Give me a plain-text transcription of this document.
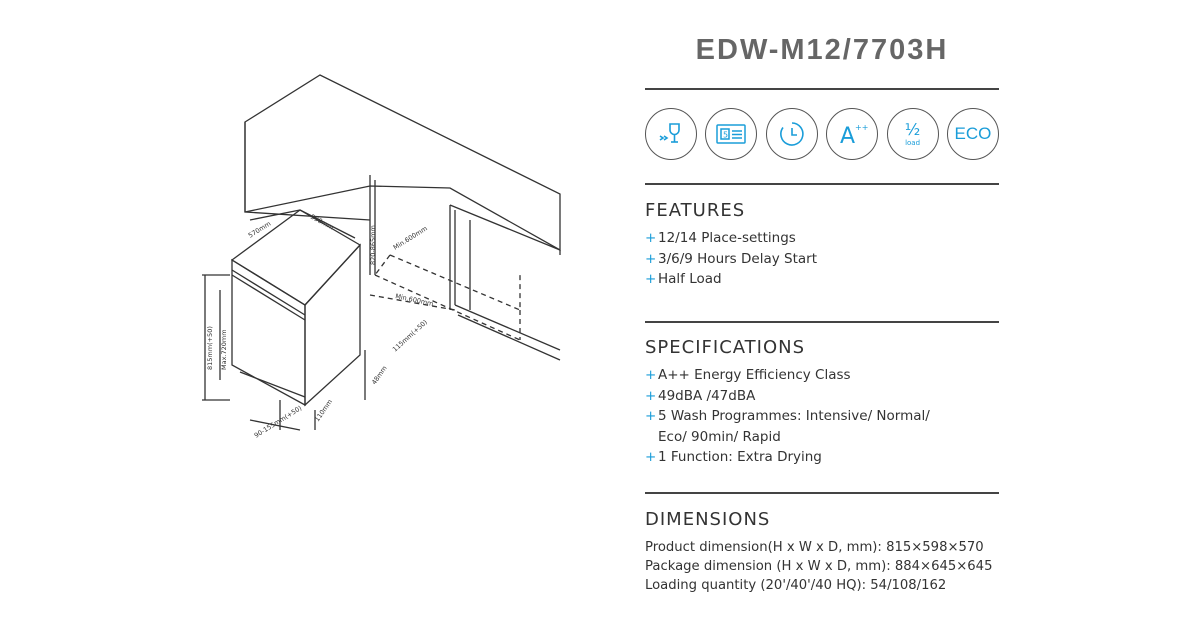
570mm	598mm
820-865mm Min.600mm
Min.600mm
815mm(+50) Max.720mm	115mm(+50)
48mm
110mm
90-155mm(+50)
EDW-M12/7703H
5	A ++ ½
load ECO
FEATURES
+ 12/14 Place-settings
+ 3/6/9 Hours Delay Start
+ Half Load
SPECIFICATIONS
+ A++ Energy Efficiency Class
+ 49dBA /47dBA
+ 5 Wash Programmes: Intensive/ Normal/
Eco/ 90min/ Rapid
+ 1 Function: Extra Drying
DIMENSIONS
Product dimension(H x W x D, mm): 815×598×570
Package dimension (H x W x D, mm): 884×645×645
Loading quantity (20'/40'/40 HQ): 54/108/162
